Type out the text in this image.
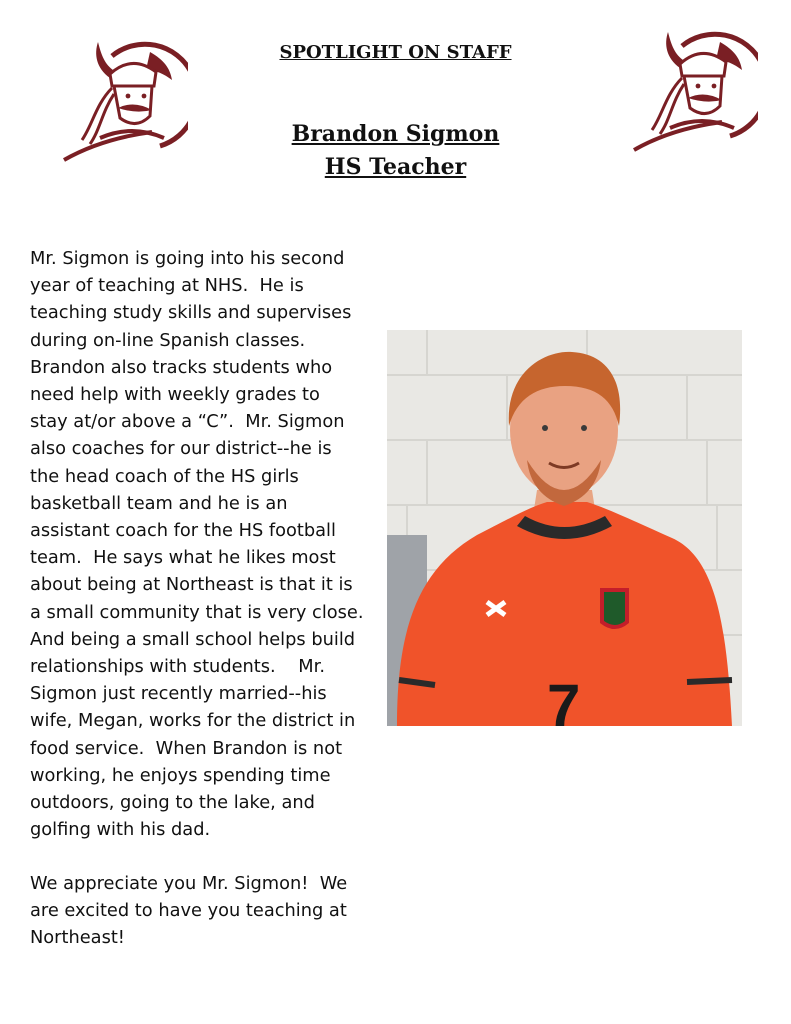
SPOTLIGHT ON STAFF
Brandon Sigmon
HS Teacher

Mr. Sigmon is going into his second
year of teaching at NHS.  He is
teaching study skills and supervises
during on-line Spanish classes.
Brandon also tracks students who
need help with weekly grades to
stay at/or above a “C”.  Mr. Sigmon
also coaches for our district--he is
the head coach of the HS girls
basketball team and he is an
assistant coach for the HS football
team.  He says what he likes most
about being at Northeast is that it is
a small community that is very close.
And being a small school helps build
relationships with students.    Mr.
Sigmon just recently married--his
wife, Megan, works for the district in
food service.  When Brandon is not
working, he enjoys spending time
outdoors, going to the lake, and
golfing with his dad.

We appreciate you Mr. Sigmon!  We
are excited to have you teaching at
Northeast!

7
